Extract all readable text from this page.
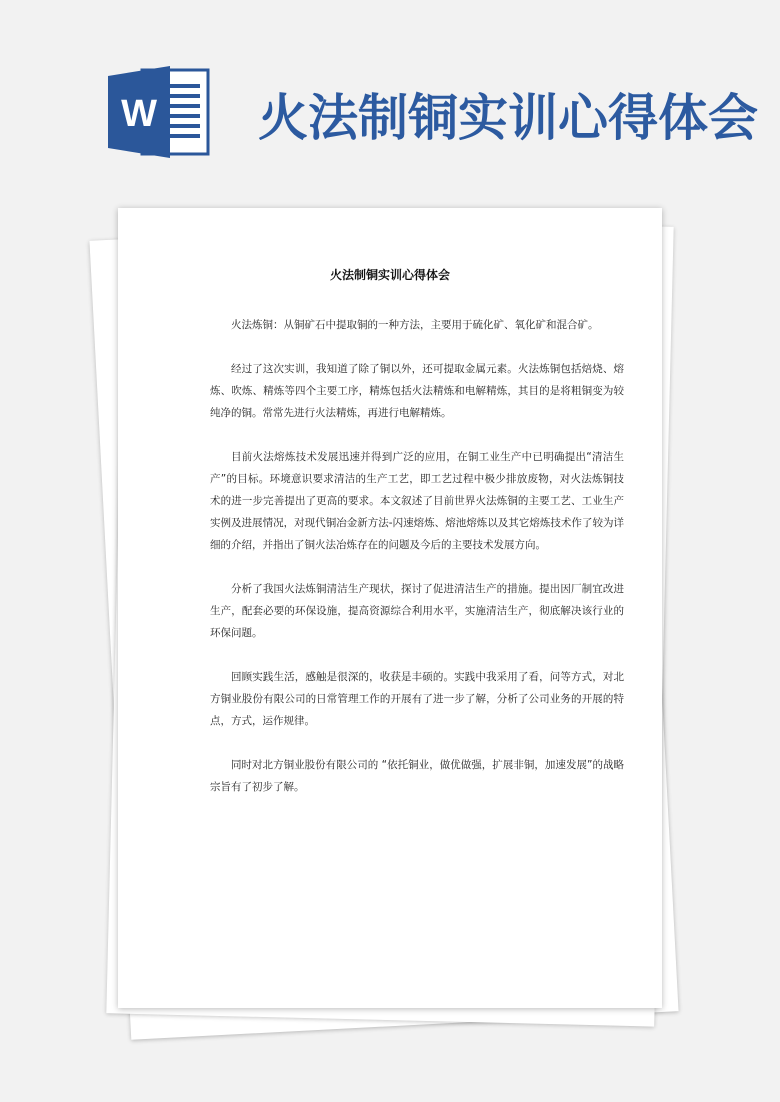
W 火法制铜实训心得体会
火法制铜实训心得体会

火法炼铜：从铜矿石中提取铜的一种方法，主要用于硫化矿、氧化矿和混合矿。

经过了这次实训，我知道了除了铜以外，还可提取金属元素。火法炼铜包括焙烧、熔炼、吹炼、精炼等四个主要工序，精炼包括火法精炼和电解精炼，其目的是将粗铜变为较纯净的铜。常常先进行火法精炼，再进行电解精炼。

目前火法熔炼技术发展迅速并得到广泛的应用，在铜工业生产中已明确提出“清洁生产”的目标。环境意识要求清洁的生产工艺，即工艺过程中极少排放废物，对火法炼铜技术的进一步完善提出了更高的要求。本文叙述了目前世界火法炼铜的主要工艺、工业生产实例及进展情况，对现代铜冶金新方法-闪速熔炼、熔池熔炼以及其它熔炼技术作了较为详细的介绍，并指出了铜火法冶炼存在的问题及今后的主要技术发展方向。

分析了我国火法炼铜清洁生产现状，探讨了促进清洁生产的措施。提出因厂制宜改进生产，配套必要的环保设施，提高资源综合利用水平，实施清洁生产，彻底解决该行业的环保问题。

回顾实践生活，感触是很深的，收获是丰硕的。实践中我采用了看，问等方式，对北方铜业股份有限公司的日常管理工作的开展有了进一步了解，分析了公司业务的开展的特点，方式，运作规律。

同时对北方铜业股份有限公司的 “依托铜业，做优做强，扩展非铜，加速发展”的战略宗旨有了初步了解。
